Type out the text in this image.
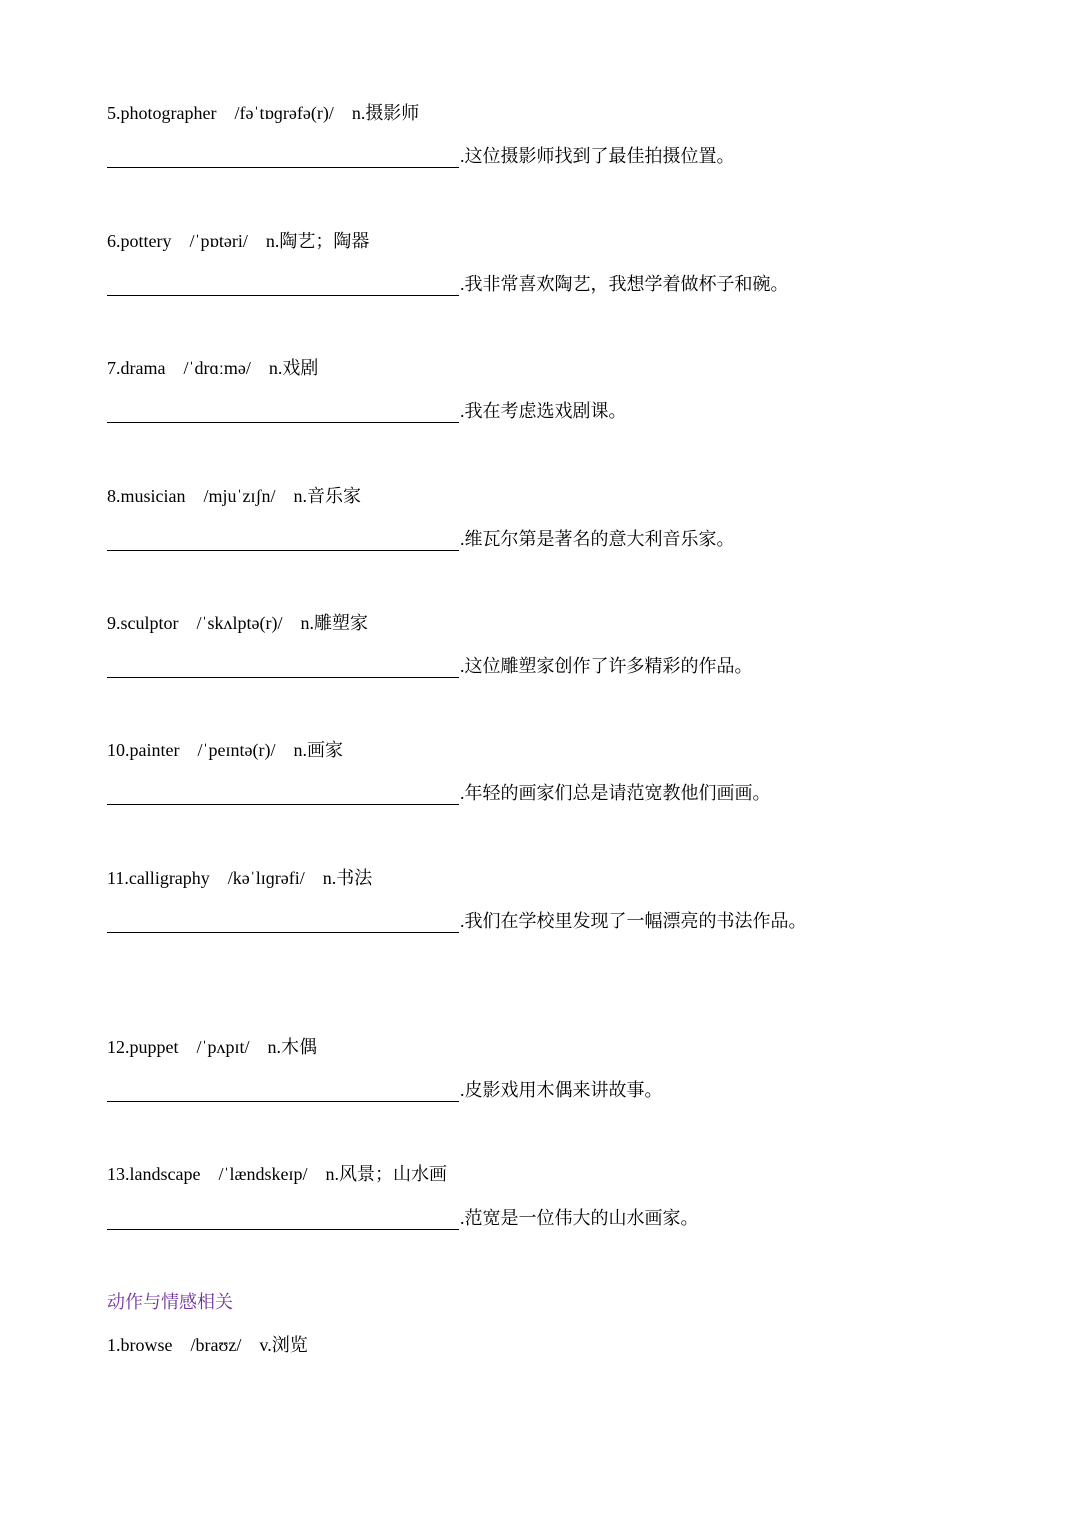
5.photographer /fəˈtɒɡrəfə(r)/ n.摄影师
.这位摄影师找到了最佳拍摄位置。
6.pottery /ˈpɒtəri/ n.陶艺；陶器
.我非常喜欢陶艺，我想学着做杯子和碗。
7.drama /ˈdrɑːmə/ n.戏剧
.我在考虑选戏剧课。
8.musician /mjuˈzɪʃn/ n.音乐家
.维瓦尔第是著名的意大利音乐家。
9.sculptor /ˈskʌlptə(r)/ n.雕塑家
.这位雕塑家创作了许多精彩的作品。
10.painter /ˈpeɪntə(r)/ n.画家
.年轻的画家们总是请范宽教他们画画。
11.calligraphy /kəˈlɪɡrəfi/ n.书法
.我们在学校里发现了一幅漂亮的书法作品。
12.puppet /ˈpʌpɪt/ n.木偶
.皮影戏用木偶来讲故事。
13.landscape /ˈlændskeɪp/ n.风景；山水画
.范宽是一位伟大的山水画家。
动作与情感相关
1.browse /braʊz/ v.浏览
